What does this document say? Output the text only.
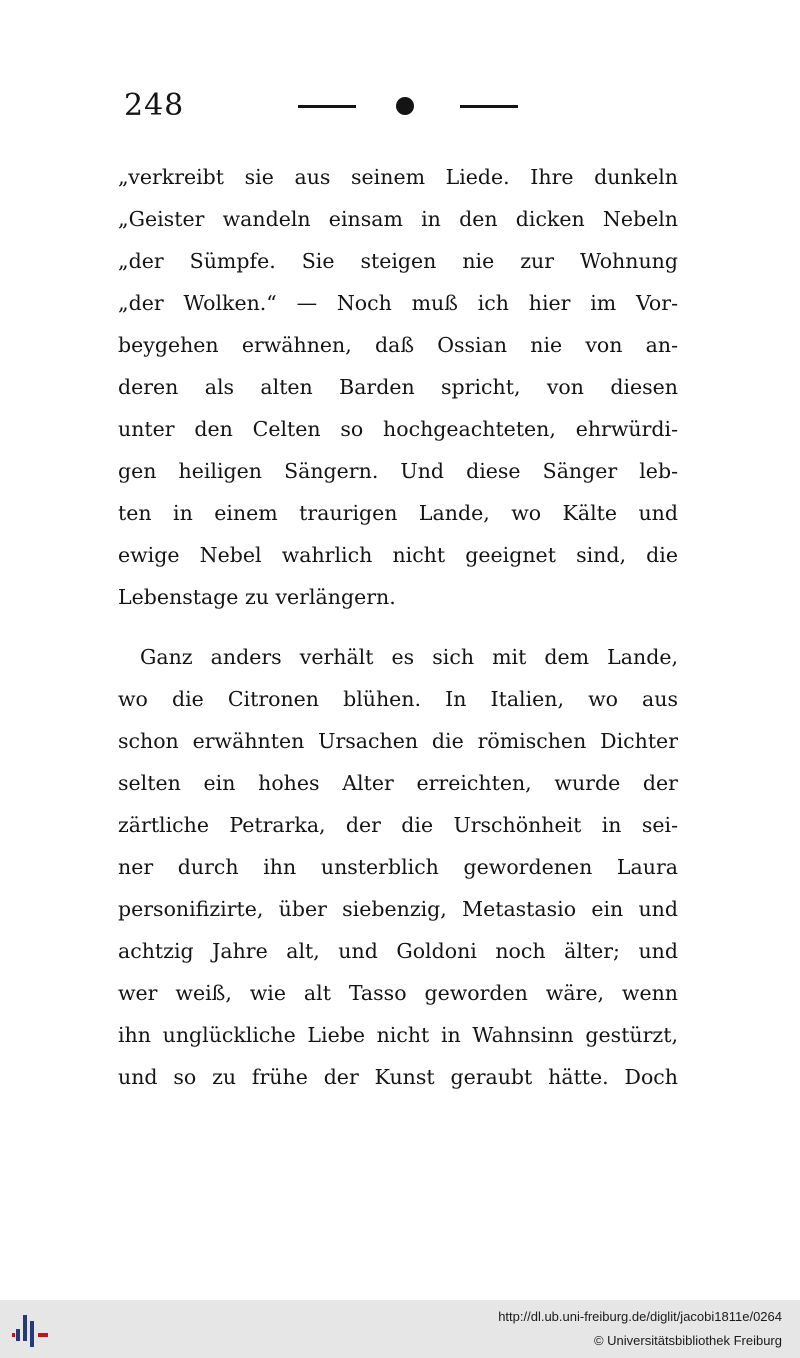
248
„verkreibt sie aus seinem Liede. Ihre dunkeln
„Geister wandeln einsam in den dicken Nebeln
„der Sümpfe. Sie steigen nie zur Wohnung
„der Wolken.“ — Noch muß ich hier im Vor-
beygehen erwähnen, daß Ossian nie von an-
deren als alten Barden spricht, von diesen
unter den Celten so hochgeachteten, ehrwürdi-
gen heiligen Sängern. Und diese Sänger leb-
ten in einem traurigen Lande, wo Kälte und
ewige Nebel wahrlich nicht geeignet sind, die
Lebenstage zu verlängern.
Ganz anders verhält es sich mit dem Lande,
wo die Citronen blühen. In Italien, wo aus
schon erwähnten Ursachen die römischen Dichter
selten ein hohes Alter erreichten, wurde der
zärtliche Petrarka, der die Urschönheit in sei-
ner durch ihn unsterblich gewordenen Laura
personifizirte, über siebenzig, Metastasio ein und
achtzig Jahre alt, und Goldoni noch älter; und
wer weiß, wie alt Tasso geworden wäre, wenn
ihn unglückliche Liebe nicht in Wahnsinn gestürzt,
und so zu frühe der Kunst geraubt hätte. Doch
http://dl.ub.uni-freiburg.de/diglit/jacobi1811e/0264
© Universitätsbibliothek Freiburg
